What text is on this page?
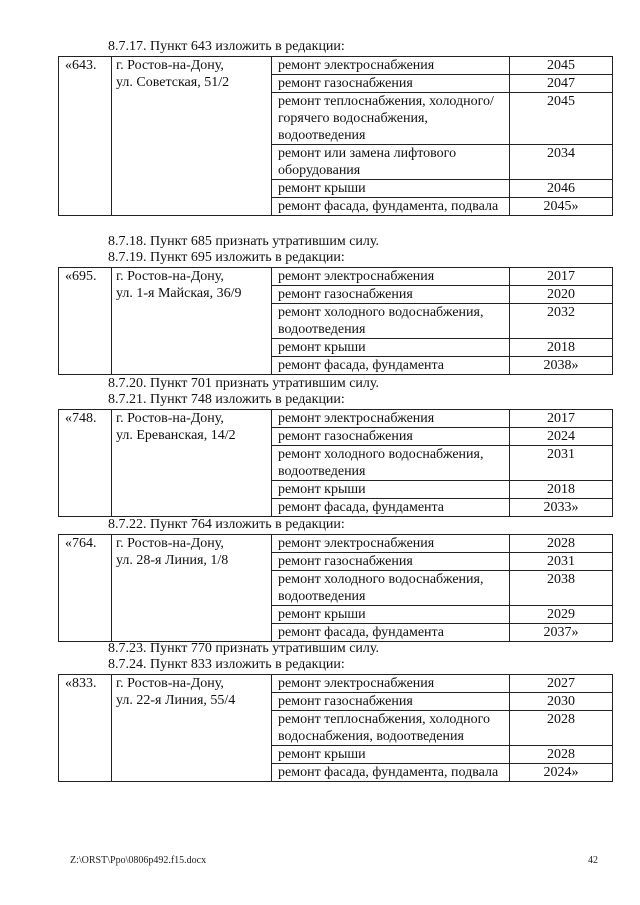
8.7.17. Пункт 643 изложить в редакции:
«643.	г. Ростов-на-Дону,
ул. Советская, 51/2	ремонт электроснабжения	2045
		ремонт газоснабжения	2047
		ремонт теплоснабжения, холодного/горячего водоснабжения, водоотведения	2045
		ремонт или замена лифтового оборудования	2034
		ремонт крыши	2046
		ремонт фасада, фундамента, подвала	2045»
8.7.18. Пункт 685 признать утратившим силу.
8.7.19. Пункт 695 изложить в редакции:
«695.	г. Ростов-на-Дону,
ул. 1-я Майская, 36/9	ремонт электроснабжения	2017
		ремонт газоснабжения	2020
		ремонт холодного водоснабжения, водоотведения	2032
		ремонт крыши	2018
		ремонт фасада, фундамента	2038»
8.7.20. Пункт 701 признать утратившим силу.
8.7.21. Пункт 748 изложить в редакции:
«748.	г. Ростов-на-Дону,
ул. Ереванская, 14/2	ремонт электроснабжения	2017
		ремонт газоснабжения	2024
		ремонт холодного водоснабжения, водоотведения	2031
		ремонт крыши	2018
		ремонт фасада, фундамента	2033»
8.7.22. Пункт 764 изложить в редакции:
«764.	г. Ростов-на-Дону,
ул. 28-я Линия, 1/8	ремонт электроснабжения	2028
		ремонт газоснабжения	2031
		ремонт холодного водоснабжения, водоотведения	2038
		ремонт крыши	2029
		ремонт фасада, фундамента	2037»
8.7.23. Пункт 770 признать утратившим силу.
8.7.24. Пункт 833 изложить в редакции:
«833.	г. Ростов-на-Дону,
ул. 22-я Линия, 55/4	ремонт электроснабжения	2027
		ремонт газоснабжения	2030
		ремонт теплоснабжения, холодного водоснабжения, водоотведения	2028
		ремонт крыши	2028
		ремонт фасада, фундамента, подвала	2024»
Z:\ORST\Ppo\0806p492.f15.docx	42
